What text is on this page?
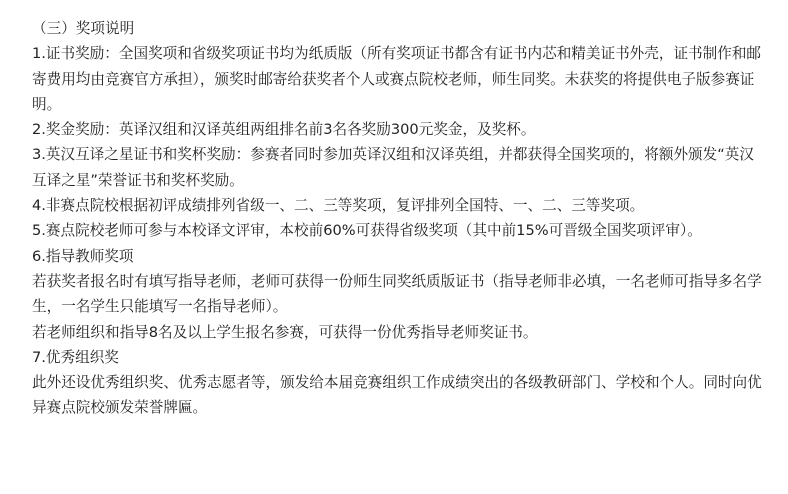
（三）奖项说明

1.证书奖励：全国奖项和省级奖项证书均为纸质版（所有奖项证书都含有证书内芯和精美证书外壳，证书制作和邮寄费用均由竞赛官方承担），颁奖时邮寄给获奖者个人或赛点院校老师，师生同奖。未获奖的将提供电子版参赛证明。

2.奖金奖励：英译汉组和汉译英组两组排名前3名各奖励300元奖金，及奖杯。

3.英汉互译之星证书和奖杯奖励：参赛者同时参加英译汉组和汉译英组，并都获得全国奖项的，将额外颁发“英汉互译之星”荣誉证书和奖杯奖励。

4.非赛点院校根据初评成绩排列省级一、二、三等奖项，复评排列全国特、一、二、三等奖项。

5.赛点院校老师可参与本校译文评审，本校前60%可获得省级奖项（其中前15%可晋级全国奖项评审）。

6.指导教师奖项

若获奖者报名时有填写指导老师，老师可获得一份师生同奖纸质版证书（指导老师非必填，一名老师可指导多名学生，一名学生只能填写一名指导老师）。

若老师组织和指导8名及以上学生报名参赛，可获得一份优秀指导老师奖证书。

7.优秀组织奖

此外还设优秀组织奖、优秀志愿者等，颁发给本届竞赛组织工作成绩突出的各级教研部门、学校和个人。同时向优异赛点院校颁发荣誉牌匾。
